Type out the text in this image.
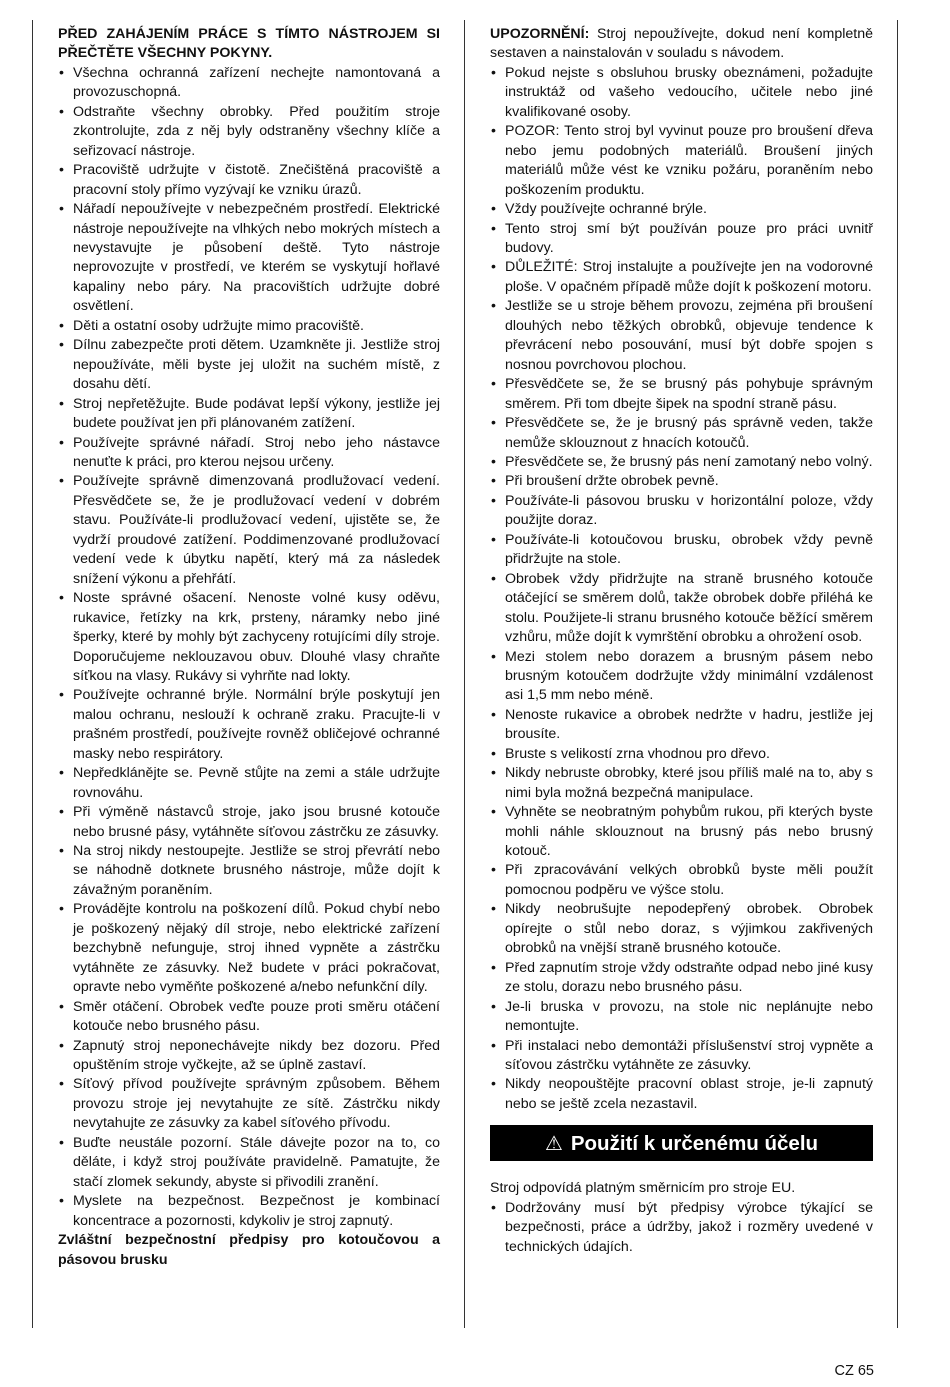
PŘED ZAHÁJENÍM PRÁCE S TÍMTO NÁSTROJEM SI PŘEČTĚTE VŠECHNY POKYNY.

• Všechna ochranná zařízení nechejte namontovaná a provozuschopná.
• Odstraňte všechny obrobky. Před použitím stroje zkontrolujte, zda z něj byly odstraněny všechny klíče a seřizovací nástroje.
• Pracoviště udržujte v čistotě. Znečištěná pracoviště a pracovní stoly přímo vyzývají ke vzniku úrazů.
• Nářadí nepoužívejte v nebezpečném prostředí. Elektrické nástroje nepoužívejte na vlhkých nebo mokrých místech a nevystavujte je působení deště. Tyto nástroje neprovozujte v prostředí, ve kterém se vyskytují hořlavé kapaliny nebo páry. Na pracovištích udržujte dobré osvětlení.
• Děti a ostatní osoby udržujte mimo pracoviště.
• Dílnu zabezpečte proti dětem. Uzamkněte ji. Jestliže stroj nepoužíváte, měli byste jej uložit na suchém místě, z dosahu dětí.
• Stroj nepřetěžujte. Bude podávat lepší výkony, jestliže jej budete používat jen při plánovaném zatížení.
• Používejte správné nářadí. Stroj nebo jeho nástavce nenuťte k práci, pro kterou nejsou určeny.
• Používejte správně dimenzovaná prodlužovací vedení. Přesvědčete se, že je prodlužovací vedení v dobrém stavu. Používáte-li prodlužovací vedení, ujistěte se, že vydrží proudové zatížení. Poddimenzované prodlužovací vedení vede k úbytku napětí, který má za následek snížení výkonu a přehřátí.
• Noste správné ošacení. Nenoste volné kusy oděvu, rukavice, řetízky na krk, prsteny, náramky nebo jiné šperky, které by mohly být zachyceny rotujícími díly stroje. Doporučujeme neklouzavou obuv. Dlouhé vlasy chraňte síťkou na vlasy. Rukávy si vyhrňte nad lokty.
• Používejte ochranné brýle. Normální brýle poskytují jen malou ochranu, neslouží k ochraně zraku. Pracujte-li v prašném prostředí, používejte rovněž obličejové ochranné masky nebo respirátory.
• Nepředklánějte se. Pevně stůjte na zemi a stále udržujte rovnováhu.
• Při výměně nástavců stroje, jako jsou brusné kotouče nebo brusné pásy, vytáhněte síťovou zástrčku ze zásuvky.
• Na stroj nikdy nestoupejte. Jestliže se stroj převrátí nebo se náhodně dotknete brusného nástroje, může dojít k závažným poraněním.
• Provádějte kontrolu na poškození dílů. Pokud chybí nebo je poškozený nějaký díl stroje, nebo elektrické zařízení bezchybně nefunguje, stroj ihned vypněte a zástrčku vytáhněte ze zásuvky. Než budete v práci pokračovat, opravte nebo vyměňte poškozené a/nebo nefunkční díly.
• Směr otáčení. Obrobek veďte pouze proti směru otáčení kotouče nebo brusného pásu.
• Zapnutý stroj neponechávejte nikdy bez dozoru. Před opuštěním stroje vyčkejte, až se úplně zastaví.
• Síťový přívod používejte správným způsobem. Během provozu stroje jej nevytahujte ze sítě. Zástrčku nikdy nevytahujte ze zásuvky za kabel síťového přívodu.
• Buďte neustále pozorní. Stále dávejte pozor na to, co děláte, i když stroj používáte pravidelně. Pamatujte, že stačí zlomek sekundy, abyste si přivodili zranění.
• Myslete na bezpečnost. Bezpečnost je kombinací koncentrace a pozornosti, kdykoliv je stroj zapnutý.

Zvláštní bezpečnostní předpisy pro kotoučovou a pásovou brusku

UPOZORNĚNÍ: Stroj nepoužívejte, dokud není kompletně sestaven a nainstalován v souladu s návodem.

• Pokud nejste s obsluhou brusky obeznámeni, požadujte instruktáž od vašeho vedoucího, učitele nebo jiné kvalifikované osoby.
• POZOR: Tento stroj byl vyvinut pouze pro broušení dřeva nebo jemu podobných materiálů. Broušení jiných materiálů může vést ke vzniku požáru, poraněním nebo poškozením produktu.
• Vždy používejte ochranné brýle.
• Tento stroj smí být používán pouze pro práci uvnitř budovy.
• DŮLEŽITÉ: Stroj instalujte a používejte jen na vodorovné ploše. V opačném případě může dojít k poškození motoru.
• Jestliže se u stroje během provozu, zejména při broušení dlouhých nebo těžkých obrobků, objevuje tendence k převrácení nebo posouvání, musí být dobře spojen s nosnou povrchovou plochou.
• Přesvědčete se, že se brusný pás pohybuje správným směrem. Při tom dbejte šipek na spodní straně pásu.
• Přesvědčete se, že je brusný pás správně veden, takže nemůže sklouznout z hnacích kotoučů.
• Přesvědčete se, že brusný pás není zamotaný nebo volný.
• Při broušení držte obrobek pevně.
• Používáte-li pásovou brusku v horizontální poloze, vždy použijte doraz.
• Používáte-li kotoučovou brusku, obrobek vždy pevně přidržujte na stole.
• Obrobek vždy přidržujte na straně brusného kotouče otáčející se směrem dolů, takže obrobek dobře přiléhá ke stolu. Použijete-li stranu brusného kotouče běžící směrem vzhůru, může dojít k vymrštění obrobku a ohrožení osob.
• Mezi stolem nebo dorazem a brusným pásem nebo brusným kotoučem dodržujte vždy minimální vzdálenost asi 1,5 mm nebo méně.
• Nenoste rukavice a obrobek nedržte v hadru, jestliže jej brousíte.
• Bruste s velikostí zrna vhodnou pro dřevo.
• Nikdy nebruste obrobky, které jsou příliš malé na to, aby s nimi byla možná bezpečná manipulace.
• Vyhněte se neobratným pohybům rukou, při kterých byste mohli náhle sklouznout na brusný pás nebo brusný kotouč.
• Při zpracovávání velkých obrobků byste měli použít pomocnou podpěru ve výšce stolu.
• Nikdy neobrušujte nepodepřený obrobek. Obrobek opírejte o stůl nebo doraz, s výjimkou zakřivených obrobků na vnější straně brusného kotouče.
• Před zapnutím stroje vždy odstraňte odpad nebo jiné kusy ze stolu, dorazu nebo brusného pásu.
• Je-li bruska v provozu, na stole nic neplánujte nebo nemontujte.
• Při instalaci nebo demontáži příslušenství stroj vypněte a síťovou zástrčku vytáhněte ze zásuvky.
• Nikdy neopouštějte pracovní oblast stroje, je-li zapnutý nebo se ještě zcela nezastavil.
⚠ Použití k určenému účelu

Stroj odpovídá platným směrnicím pro stroje EU.

• Dodržovány musí být předpisy výrobce týkající se bezpečnosti, práce a údržby, jakož i rozměry uvedené v technických údajích.
CZ 65
